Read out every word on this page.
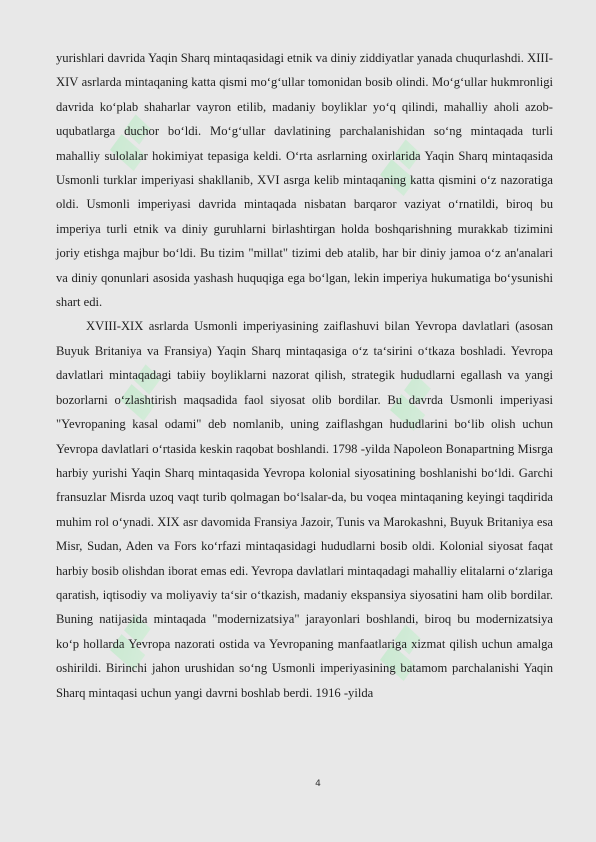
yurishlari davrida Yaqin Sharq mintaqasidagi etnik va diniy ziddiyatlar yanada chuqurlashdi. XIII-XIV asrlarda mintaqaning katta qismi moʻgʻullar tomonidan bosib olindi. Moʻgʻullar hukmronligi davrida koʻplab shaharlar vayron etilib, madaniy boyliklar yoʻq qilindi, mahalliy aholi azob-uqubatlarga duchor boʻldi. Moʻgʻullar davlatining parchalanishidan soʻng mintaqada turli mahalliy sulolalar hokimiyat tepasiga keldi. Oʻrta asrlarning oxirlarida Yaqin Sharq mintaqasida Usmonli turklar imperiyasi shakllanib, XVI asrga kelib mintaqaning katta qismini oʻz nazoratiga oldi. Usmonli imperiyasi davrida mintaqada nisbatan barqaror vaziyat oʻrnatildi, biroq bu imperiya turli etnik va diniy guruhlarni birlashtirgan holda boshqarishning murakkab tizimini joriy etishga majbur boʻldi. Bu tizim "millat" tizimi deb atalib, har bir diniy jamoa oʻz an'analari va diniy qonunlari asosida yashash huquqiga ega boʻlgan, lekin imperiya hukumatiga boʻysunishi shart edi.

XVIII-XIX asrlarda Usmonli imperiyasining zaiflashuvi bilan Yevropa davlatlari (asosan Buyuk Britaniya va Fransiya) Yaqin Sharq mintaqasiga oʻz taʻsirini oʻtkaza boshladi. Yevropa davlatlari mintaqadagi tabiiy boyliklarni nazorat qilish, strategik hududlarni egallash va yangi bozorlarni oʻzlashtirish maqsadida faol siyosat olib bordilar. Bu davrda Usmonli imperiyasi "Yevropaning kasal odami" deb nomlanib, uning zaiflashgan hududlarini boʻlib olish uchun Yevropa davlatlari oʻrtasida keskin raqobat boshlandi. 1798 -yilda Napoleon Bonapartning Misrga harbiy yurishi Yaqin Sharq mintaqasida Yevropa kolonial siyosatining boshlanishi boʻldi. Garchi fransuzlar Misrda uzoq vaqt turib qolmagan boʻlsalar-da, bu voqea mintaqaning keyingi taqdirida muhim rol oʻynadi. XIX asr davomida Fransiya Jazoir, Tunis va Marokashni, Buyuk Britaniya esa Misr, Sudan, Aden va Fors koʻrfazi mintaqasidagi hududlarni bosib oldi. Kolonial siyosat faqat harbiy bosib olishdan iborat emas edi. Yevropa davlatlari mintaqadagi mahalliy elitalarni oʻzlariga qaratish, iqtisodiy va moliyaviy taʻsir oʻtkazish, madaniy ekspansiya siyosatini ham olib bordilar. Buning natijasida mintaqada "modernizatsiya" jarayonlari boshlandi, biroq bu modernizatsiya koʻp hollarda Yevropa nazorati ostida va Yevropaning manfaatlariga xizmat qilish uchun amalga oshirildi. Birinchi jahon urushidan soʻng Usmonli imperiyasining batamom parchalanishi Yaqin Sharq mintaqasi uchun yangi davrni boshlab berdi. 1916 -yilda

4
